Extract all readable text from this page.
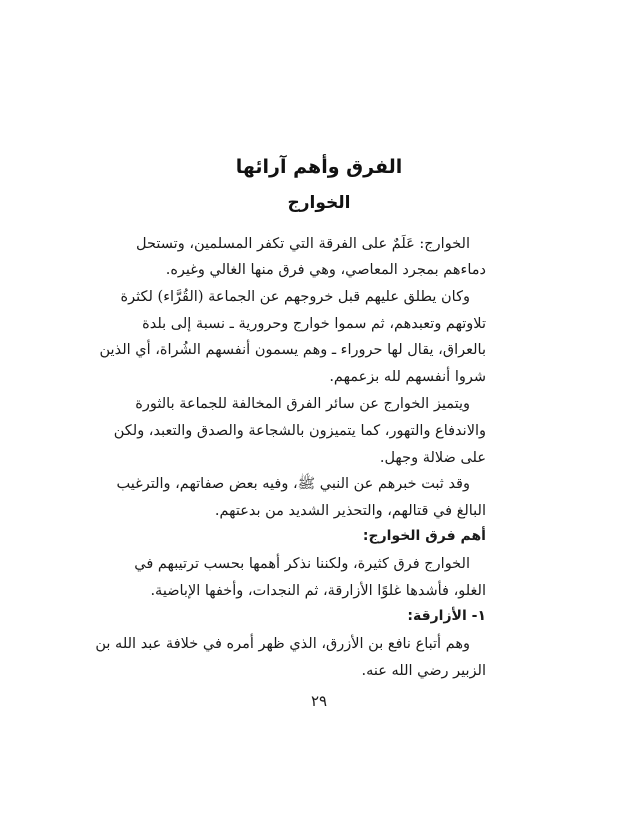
الفرق وأهم آرائها
الخوارج
الخوارج: عَلَمٌ على الفرقة التي تكفر المسلمين، وتستحل
دماءهم بمجرد المعاصي، وهي فرق منها الغالي وغيره.
وكان يطلق عليهم قبل خروجهم عن الجماعة (القُرَّاء) لكثرة
تلاوتهم وتعبدهم، ثم سموا خوارج وحرورية ـ نسبة إلى بلدة
بالعراق، يقال لها حروراء ـ وهم يسمون أنفسهم الشُراة، أي الذين
شروا أنفسهم لله بزعمهم.
ويتميز الخوارج عن سائر الفرق المخالفة للجماعة بالثورة
والاندفاع والتهور، كما يتميزون بالشجاعة والصدق والتعبد، ولكن
على ضلالة وجهل.
وقد ثبت خبرهم عن النبي ﷺ، وفيه بعض صفاتهم، والترغيب
البالغ في قتالهم، والتحذير الشديد من بدعتهم.
أهم فرق الخوارج:
الخوارج فرق كثيرة، ولكننا نذكر أهمها بحسب ترتيبهم في
الغلو، فأشدها غلوًا الأزارقة، ثم النجدات، وأخفها الإباضية.
١- الأزارقة:
وهم أتباع نافع بن الأزرق، الذي ظهر أمره في خلافة عبد الله بن
الزبير رضي الله عنه.
٢٩
